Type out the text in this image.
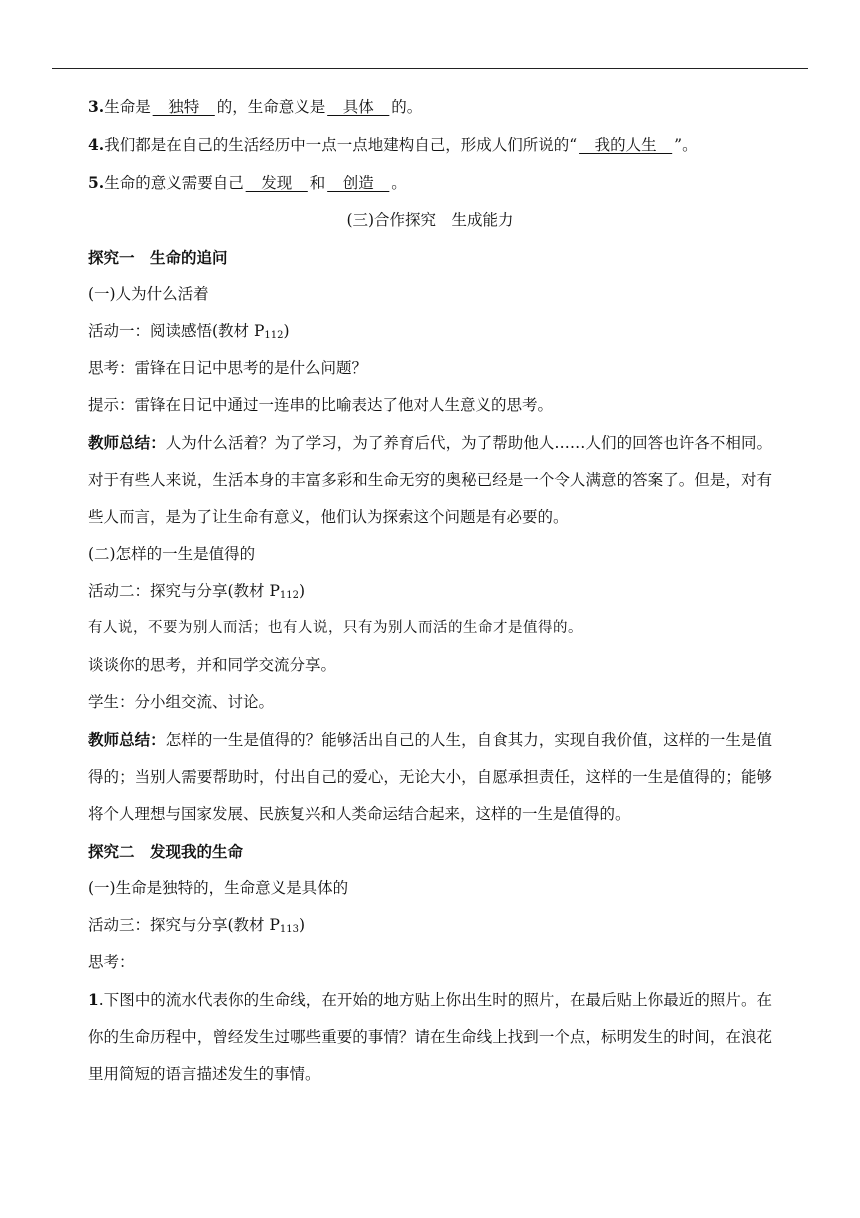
3.生命是 __独特__ 的，生命意义是 __具体__ 的。

4.我们都是在自己的生活经历中一点一点地建构自己，形成人们所说的“ __我的人生__ ”。

5.生命的意义需要自己 __发现__ 和 __创造__ 。

(三)合作探究　生成能力

探究一　生命的追问

(一)人为什么活着

活动一：阅读感悟(教材 $P_{112}$)

思考：雷锋在日记中思考的是什么问题？

提示：雷锋在日记中通过一连串的比喻表达了他对人生意义的思考。

教师总结：人为什么活着？为了学习，为了养育后代，为了帮助他人……人们的回答也许各不相同。对于有些人来说，生活本身的丰富多彩和生命无穷的奥秘已经是一个令人满意的答案了。但是，对有些人而言，是为了让生命有意义，他们认为探索这个问题是有必要的。

(二)怎样的一生是值得的

活动二：探究与分享(教材 $P_{112}$)

有人说，不要为别人而活；也有人说，只有为别人而活的生命才是值得的。

谈谈你的思考，并和同学交流分享。

学生：分小组交流、讨论。

教师总结：怎样的一生是值得的？能够活出自己的人生，自食其力，实现自我价值，这样的一生是值得的；当别人需要帮助时，付出自己的爱心，无论大小，自愿承担责任，这样的一生是值得的；能够将个人理想与国家发展、民族复兴和人类命运结合起来，这样的一生是值得的。

探究二　发现我的生命

(一)生命是独特的，生命意义是具体的

活动三：探究与分享(教材 $P_{113}$)

思考：

1.下图中的流水代表你的生命线，在开始的地方贴上你出生时的照片，在最后贴上你最近的照片。在你的生命历程中，曾经发生过哪些重要的事情？请在生命线上找到一个点，标明发生的时间，在浪花里用简短的语言描述发生的事情。
